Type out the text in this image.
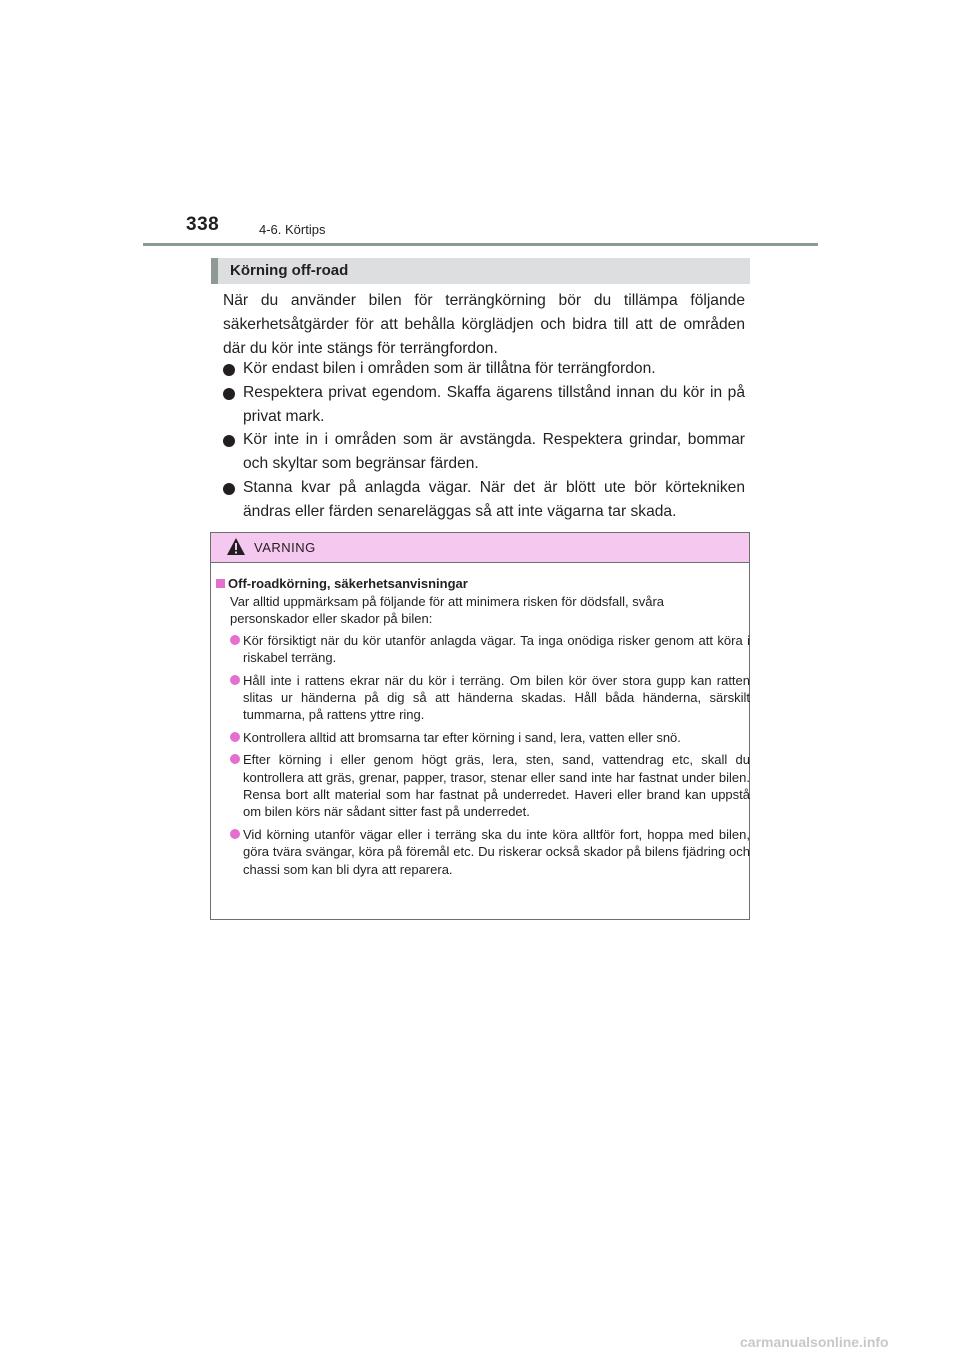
338	4-6. Körtips
Körning off-road

När du använder bilen för terrängkörning bör du tillämpa följande säkerhetsåtgärder för att behålla körglädjen och bidra till att de områden där du kör inte stängs för terrängfordon.

Kör endast bilen i områden som är tillåtna för terrängfordon.
Respektera privat egendom. Skaffa ägarens tillstånd innan du kör in på privat mark.
Kör inte in i områden som är avstängda. Respektera grindar, bommar och skyltar som begränsar färden.
Stanna kvar på anlagda vägar. När det är blött ute bör körtekniken ändras eller färden senareläggas så att inte vägarna tar skada.
VARNING
Off-roadkörning, säkerhetsanvisningar

Var alltid uppmärksam på följande för att minimera risken för dödsfall, svåra personskador eller skador på bilen:

Kör försiktigt när du kör utanför anlagda vägar. Ta inga onödiga risker genom att köra i riskabel terräng.
Håll inte i rattens ekrar när du kör i terräng. Om bilen kör över stora gupp kan ratten slitas ur händerna på dig så att händerna skadas. Håll båda händerna, särskilt tummarna, på rattens yttre ring.
Kontrollera alltid att bromsarna tar efter körning i sand, lera, vatten eller snö.
Efter körning i eller genom högt gräs, lera, sten, sand, vattendrag etc, skall du kontrollera att gräs, grenar, papper, trasor, stenar eller sand inte har fastnat under bilen. Rensa bort allt material som har fastnat på underredet. Haveri eller brand kan uppstå om bilen körs när sådant sitter fast på underredet.
Vid körning utanför vägar eller i terräng ska du inte köra alltför fort, hoppa med bilen, göra tvära svängar, köra på föremål etc. Du riskerar också skador på bilens fjädring och chassi som kan bli dyra att reparera.
carmanualsonline.info
